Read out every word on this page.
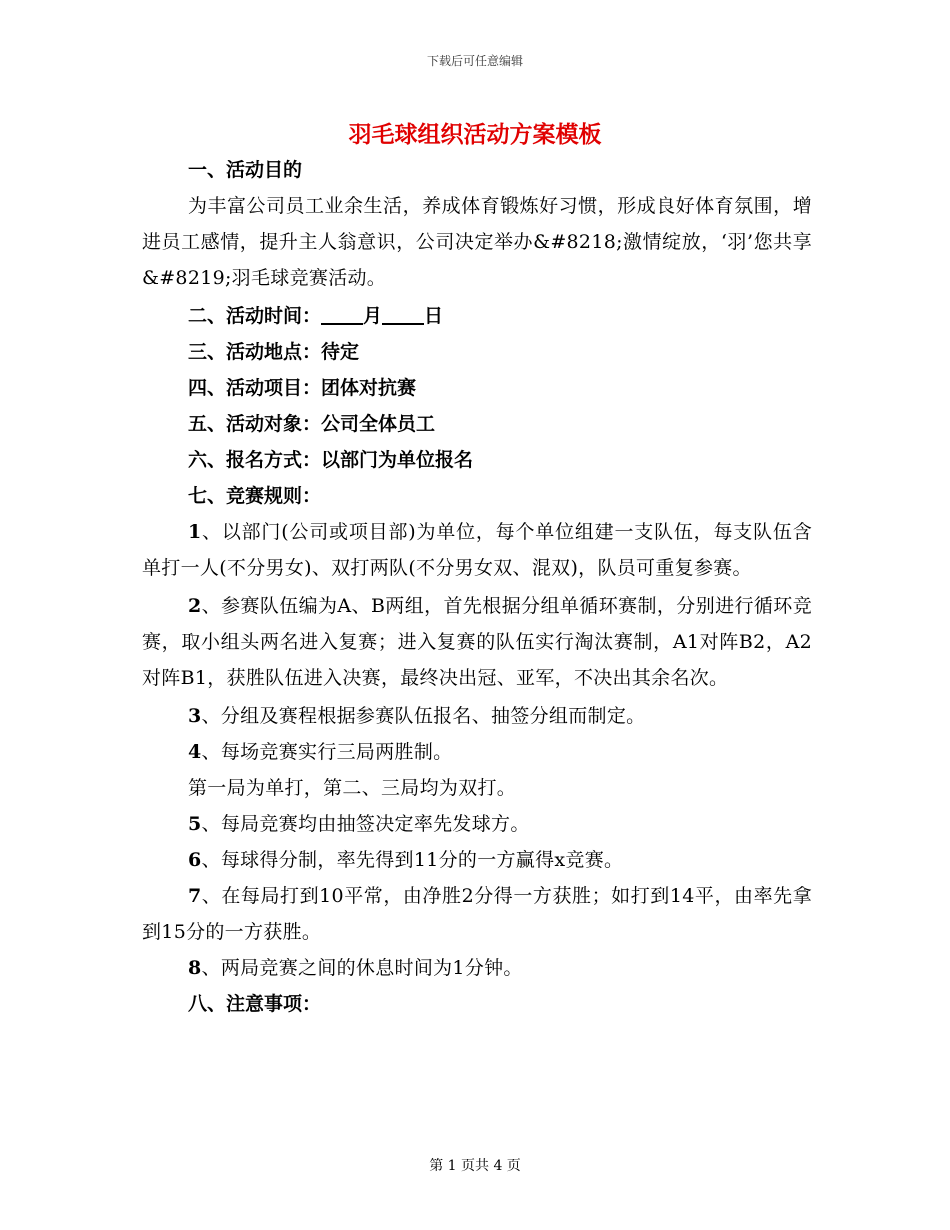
下载后可任意编辑
羽毛球组织活动方案模板
一、活动目的
为丰富公司员工业余生活，养成体育锻炼好习惯，形成良好体育氛围，增进员工感情，提升主人翁意识，公司决定举办&#8218;激情绽放，‘羽’您共享&#8219;羽毛球竞赛活动。
二、活动时间： 月 日
三、活动地点：待定
四、活动项目：团体对抗赛
五、活动对象：公司全体员工
六、报名方式：以部门为单位报名
七、竞赛规则：
1、以部门(公司或项目部)为单位，每个单位组建一支队伍，每支队伍含单打一人(不分男女)、双打两队(不分男女双、混双)，队员可重复参赛。
2、参赛队伍编为A、B两组，首先根据分组单循环赛制，分别进行循环竞赛，取小组头两名进入复赛；进入复赛的队伍实行淘汰赛制，A1对阵B2，A2对阵B1，获胜队伍进入决赛，最终决出冠、亚军，不决出其余名次。
3、分组及赛程根据参赛队伍报名、抽签分组而制定。
4、每场竞赛实行三局两胜制。
第一局为单打，第二、三局均为双打。
5、每局竞赛均由抽签决定率先发球方。
6、每球得分制，率先得到11分的一方赢得x竞赛。
7、在每局打到10平常，由净胜2分得一方获胜；如打到14平，由率先拿到15分的一方获胜。
8、两局竞赛之间的休息时间为1分钟。
八、注意事项：
第 1 页共 4 页
